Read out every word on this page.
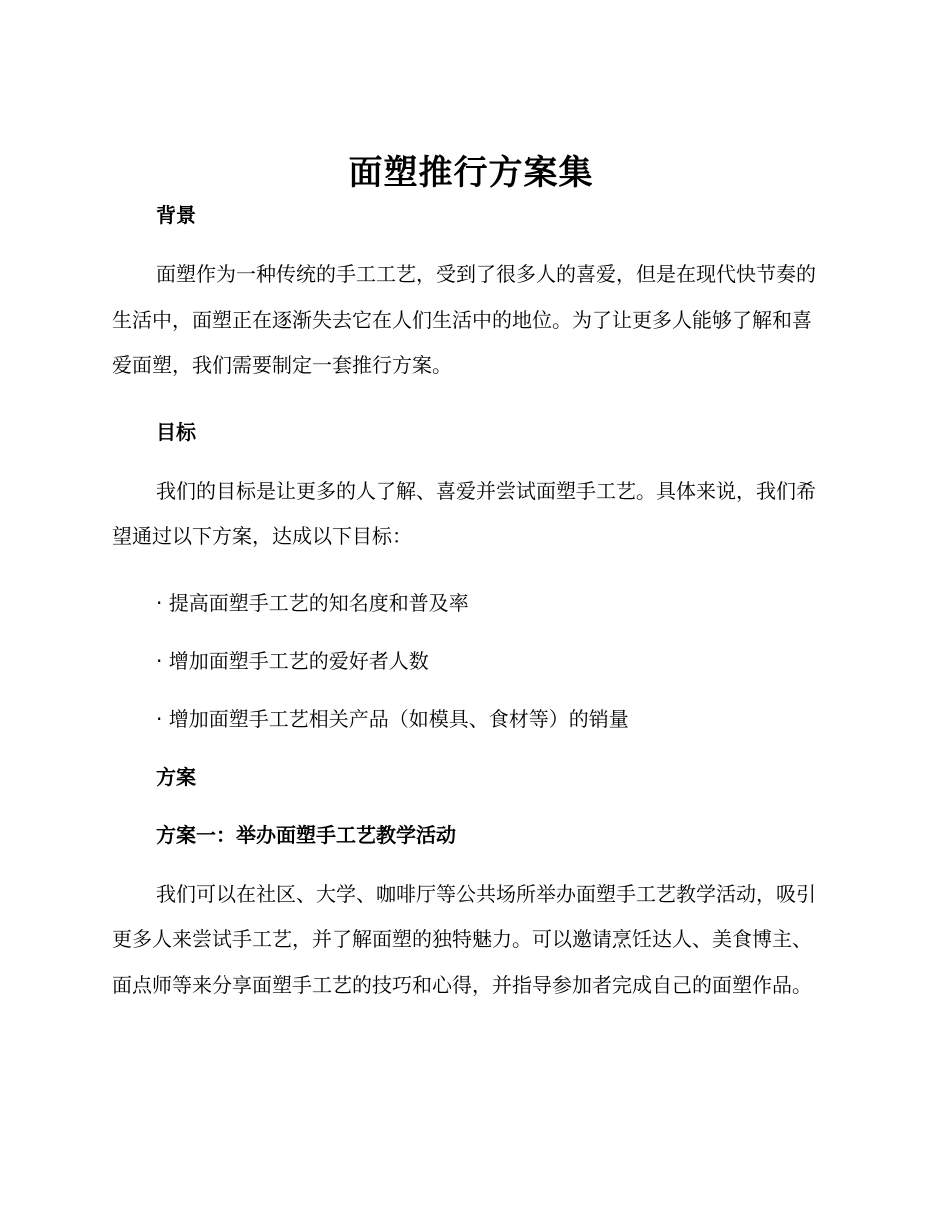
面塑推行方案集
背景

面塑作为一种传统的手工工艺，受到了很多人的喜爱，但是在现代快节奏的生活中，面塑正在逐渐失去它在人们生活中的地位。为了让更多人能够了解和喜爱面塑，我们需要制定一套推行方案。

目标

我们的目标是让更多的人了解、喜爱并尝试面塑手工艺。具体来说，我们希望通过以下方案，达成以下目标：

· 提高面塑手工艺的知名度和普及率
· 增加面塑手工艺的爱好者人数
· 增加面塑手工艺相关产品（如模具、食材等）的销量
方案
方案一：举办面塑手工艺教学活动

我们可以在社区、大学、咖啡厅等公共场所举办面塑手工艺教学活动，吸引更多人来尝试手工艺，并了解面塑的独特魅力。可以邀请烹饪达人、美食博主、面点师等来分享面塑手工艺的技巧和心得，并指导参加者完成自己的面塑作品。
